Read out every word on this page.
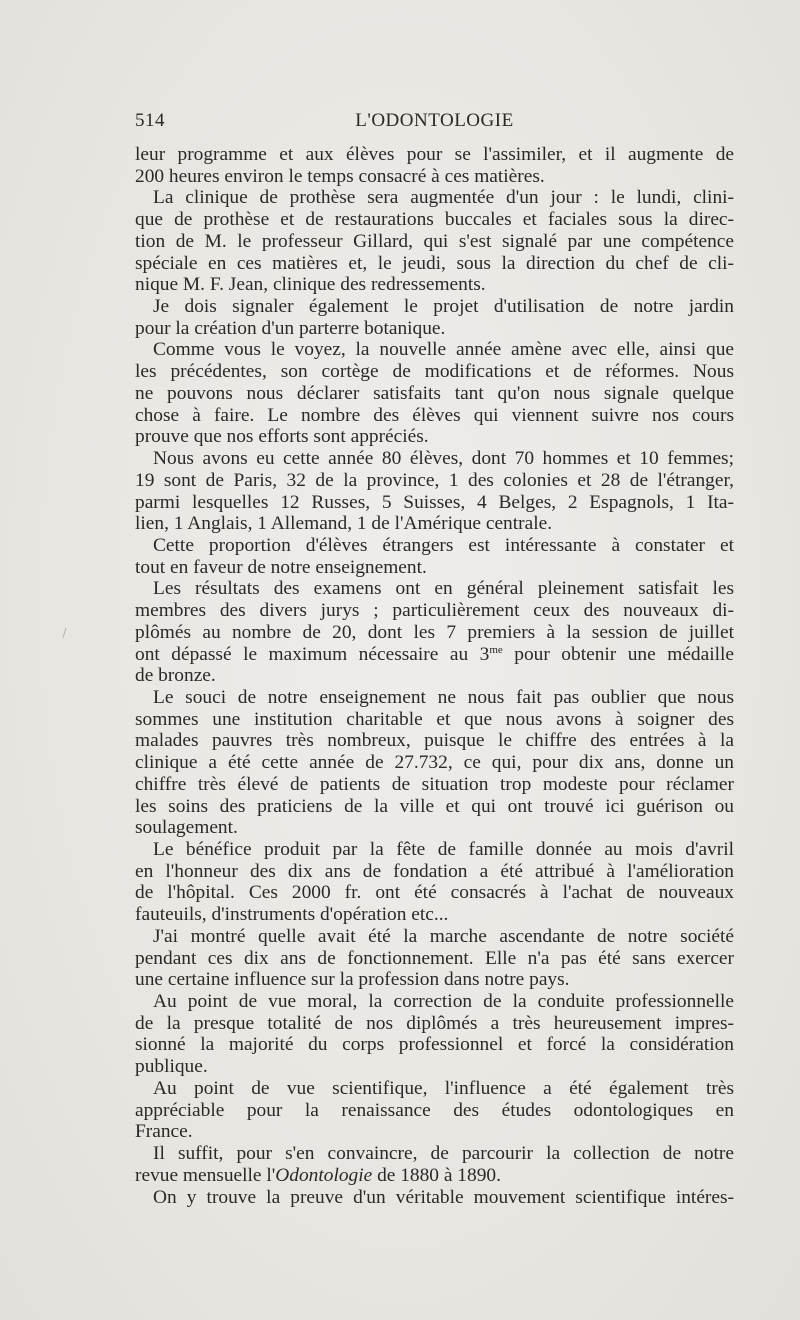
514	L'ODONTOLOGIE

leur programme et aux élèves pour se l'assimiler, et il augmente de
200 heures environ le temps consacré à ces matières.

La clinique de prothèse sera augmentée d'un jour : le lundi, clini-
que de prothèse et de restaurations buccales et faciales sous la direc-
tion de M. le professeur Gillard, qui s'est signalé par une compétence
spéciale en ces matières et, le jeudi, sous la direction du chef de cli-
nique M. F. Jean, clinique des redressements.

Je dois signaler également le projet d'utilisation de notre jardin
pour la création d'un parterre botanique.

Comme vous le voyez, la nouvelle année amène avec elle, ainsi que
les précédentes, son cortège de modifications et de réformes. Nous
ne pouvons nous déclarer satisfaits tant qu'on nous signale quelque
chose à faire. Le nombre des élèves qui viennent suivre nos cours
prouve que nos efforts sont appréciés.

Nous avons eu cette année 80 élèves, dont 70 hommes et 10 femmes;
19 sont de Paris, 32 de la province, 1 des colonies et 28 de l'étranger,
parmi lesquelles 12 Russes, 5 Suisses, 4 Belges, 2 Espagnols, 1 Ita-
lien, 1 Anglais, 1 Allemand, 1 de l'Amérique centrale.

Cette proportion d'élèves étrangers est intéressante à constater et
tout en faveur de notre enseignement.

Les résultats des examens ont en général pleinement satisfait les
membres des divers jurys ; particulièrement ceux des nouveaux di-
plômés au nombre de 20, dont les 7 premiers à la session de juillet
ont dépassé le maximum nécessaire au $3^{me}$ pour obtenir une médaille
de bronze.

Le souci de notre enseignement ne nous fait pas oublier que nous
sommes une institution charitable et que nous avons à soigner des
malades pauvres très nombreux, puisque le chiffre des entrées à la
clinique a été cette année de 27.732, ce qui, pour dix ans, donne un
chiffre très élevé de patients de situation trop modeste pour réclamer
les soins des praticiens de la ville et qui ont trouvé ici guérison ou
soulagement.

Le bénéfice produit par la fête de famille donnée au mois d'avril
en l'honneur des dix ans de fondation a été attribué à l'amélioration
de l'hôpital. Ces 2000 fr. ont été consacrés à l'achat de nouveaux
fauteuils, d'instruments d'opération etc...

J'ai montré quelle avait été la marche ascendante de notre société
pendant ces dix ans de fonctionnement. Elle n'a pas été sans exercer
une certaine influence sur la profession dans notre pays.

Au point de vue moral, la correction de la conduite professionnelle
de la presque totalité de nos diplômés a très heureusement impres-
sionné la majorité du corps professionnel et forcé la considération
publique.

Au point de vue scientifique, l'influence a été également très
appréciable pour la renaissance des études odontologiques en
France.

Il suffit, pour s'en convaincre, de parcourir la collection de notre
revue mensuelle l'Odontologie de 1880 à 1890.

On y trouve la preuve d'un véritable mouvement scientifique intéres-
